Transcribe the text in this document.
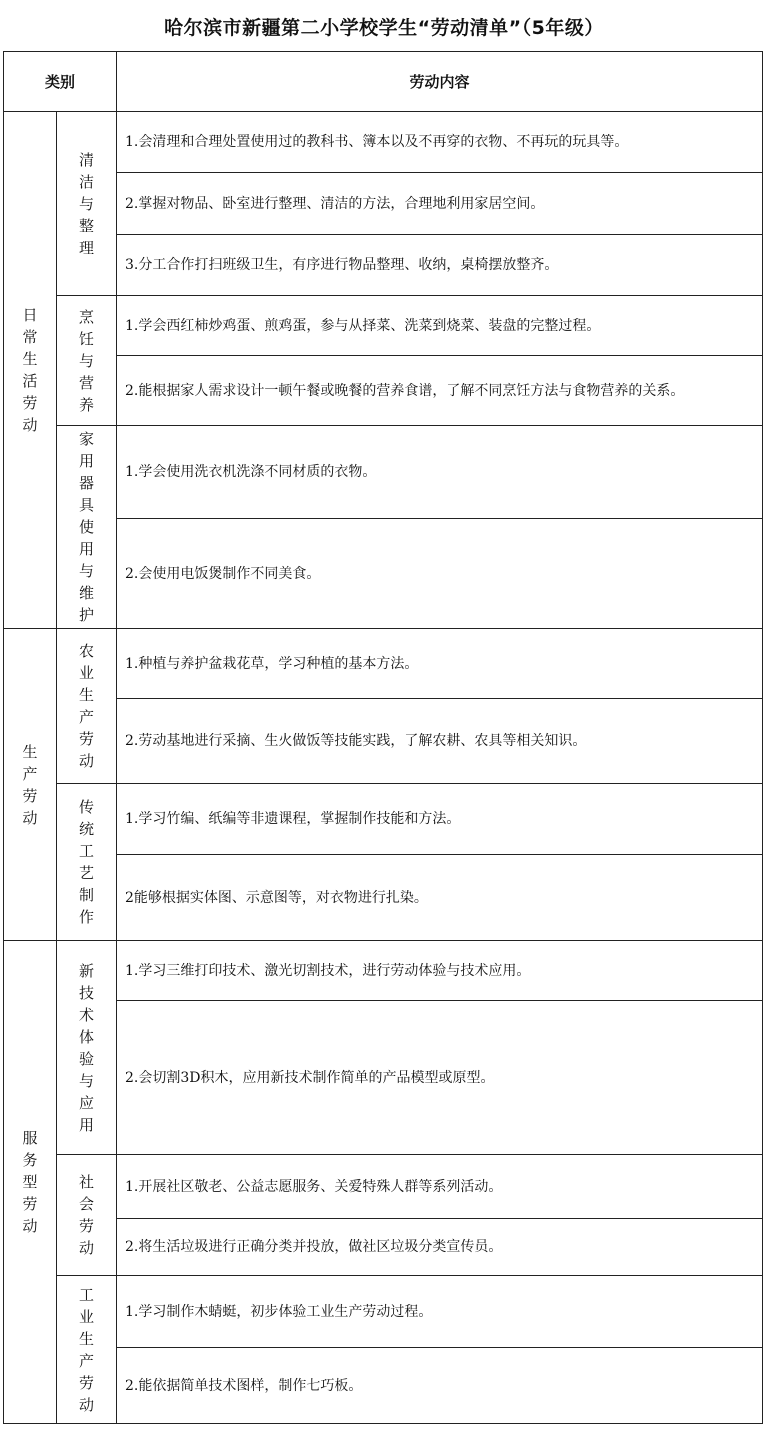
哈尔滨市新疆第二小学校学生“劳动清单”（5年级）
类别		劳动内容
日常生活劳动	清洁与整理	1.会清理和合理处置使用过的教科书、簿本以及不再穿的衣物、不再玩的玩具等。
		2.掌握对物品、卧室进行整理、清洁的方法，合理地利用家居空间。
		3.分工合作打扫班级卫生，有序进行物品整理、收纳，桌椅摆放整齐。
	烹饪与营养	1.学会西红柿炒鸡蛋、煎鸡蛋，参与从择菜、洗菜到烧菜、装盘的完整过程。
		2.能根据家人需求设计一顿午餐或晚餐的营养食谱，了解不同烹饪方法与食物营养的关系。
	家用器具使用与维护	1.学会使用洗衣机洗涤不同材质的衣物。
		2.会使用电饭煲制作不同美食。
生产劳动	农业生产劳动	1.种植与养护盆栽花草，学习种植的基本方法。
		2.劳动基地进行采摘、生火做饭等技能实践，了解农耕、农具等相关知识。
	传统工艺制作	1.学习竹编、纸编等非遗课程，掌握制作技能和方法。
		2能够根据实体图、示意图等，对衣物进行扎染。
服务型劳动	新技术体验与应用	1.学习三维打印技术、激光切割技术，进行劳动体验与技术应用。
		2.会切割3D积木，应用新技术制作简单的产品模型或原型。
	社会劳动	1.开展社区敬老、公益志愿服务、关爱特殊人群等系列活动。
		2.将生活垃圾进行正确分类并投放，做社区垃圾分类宣传员。
	工业生产劳动	1.学习制作木蜻蜓，初步体验工业生产劳动过程。
		2.能依据简单技术图样，制作七巧板。
